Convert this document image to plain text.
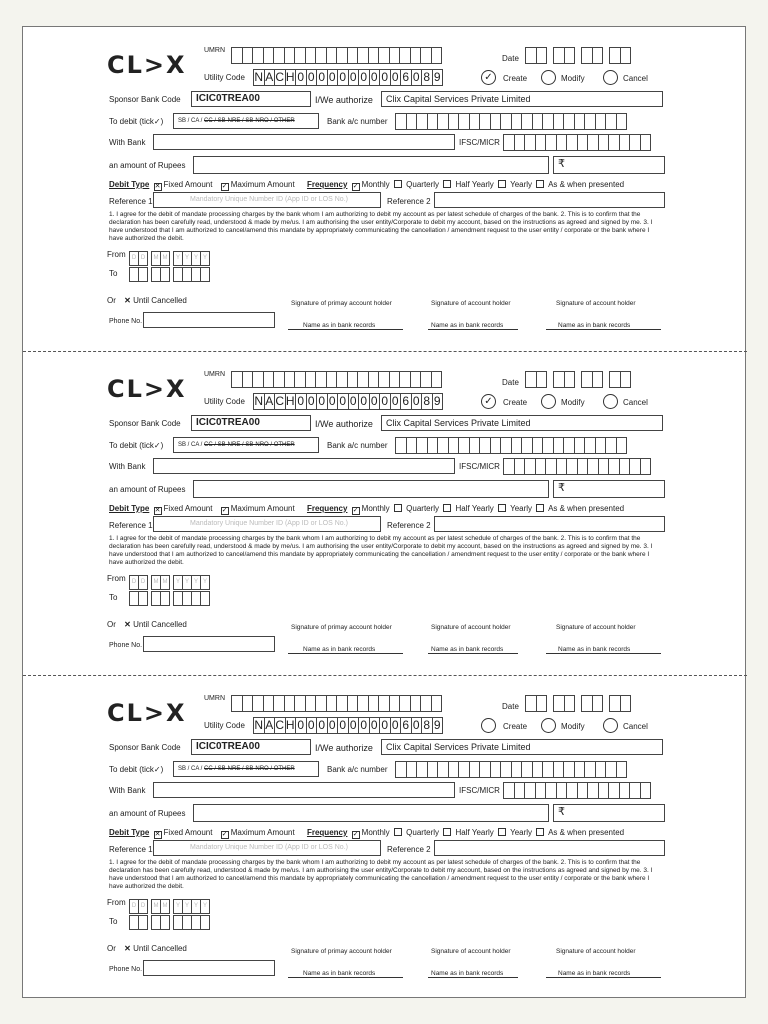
CL>X
UMRN
Date
Utility Code N A C H 0 0 0 0 0 0 0 0 0 0 6 0 8 9	✓	Create	Modify	Cancel
Sponsor Bank Code	ICIC0TREA00	I/We authorize	Clix Capital Services Private Limited
To debit (tick✓)	SB / CA / CC / SB-NRE / SB-NRO / OTHER	Bank a/c number
With Bank	IFSC/MICR
an amount of Rupees	₹
Debit Type ✕ Fixed Amount ✓ Maximum Amount Frequency ✓ Monthly Quarterly Half Yearly Yearly As & when presented
Reference 1	Mandatory Unique Number ID (App ID or LOS No.)	Reference 2
1. I agree for the debit of mandate processing charges by the bank whom I am authorizing to debit my account as per latest schedule of charges of the bank. 2. This is to confirm that the declaration has been carefully read, understood & made by me/us. I am authorising the user entity/Corporate to debit my account, based on the instructions as agreed and signed by me. 3. I have understood that I am authorized to cancel/amend this mandate by appropriately communicating the cancellation / amendment request to the user entity / corporate or the bank where I have authorized the debit.
From	D D	M M	Y Y Y Y
To
Or ✕ Until Cancelled
Phone No.
Signature of primay account holder	Signature of account holder	Signature of account holder
Name as in bank records	Name as in bank records	Name as in bank records
CL>X
UMRN
Date
Utility Code N A C H 0 0 0 0 0 0 0 0 0 0 6 0 8 9	✓	Create	Modify	Cancel
Sponsor Bank Code	ICIC0TREA00	I/We authorize	Clix Capital Services Private Limited
To debit (tick✓)	SB / CA / CC / SB-NRE / SB-NRO / OTHER	Bank a/c number
With Bank	IFSC/MICR
an amount of Rupees	₹
Debit Type ✕ Fixed Amount ✓ Maximum Amount Frequency ✓ Monthly Quarterly Half Yearly Yearly As & when presented
Reference 1	Mandatory Unique Number ID (App ID or LOS No.)	Reference 2
1. I agree for the debit of mandate processing charges by the bank whom I am authorizing to debit my account as per latest schedule of charges of the bank. 2. This is to confirm that the declaration has been carefully read, understood & made by me/us. I am authorising the user entity/Corporate to debit my account, based on the instructions as agreed and signed by me. 3. I have understood that I am authorized to cancel/amend this mandate by appropriately communicating the cancellation / amendment request to the user entity / corporate or the bank where I have authorized the debit.
From	D D	M M	Y Y Y Y
To
Or ✕ Until Cancelled
Phone No.
Signature of primay account holder	Signature of account holder	Signature of account holder
Name as in bank records	Name as in bank records	Name as in bank records
CL>X
UMRN
Date
Utility Code N A C H 0 0 0 0 0 0 0 0 0 0 6 0 8 9	Create	Modify	Cancel
Sponsor Bank Code	ICIC0TREA00	I/We authorize	Clix Capital Services Private Limited
To debit (tick✓)	SB / CA / CC / SB-NRE / SB-NRO / OTHER	Bank a/c number
With Bank	IFSC/MICR
an amount of Rupees	₹
Debit Type ✕ Fixed Amount ✓ Maximum Amount Frequency ✓ Monthly Quarterly Half Yearly Yearly As & when presented
Reference 1	Mandatory Unique Number ID (App ID or LOS No.)	Reference 2
1. I agree for the debit of mandate processing charges by the bank whom I am authorizing to debit my account as per latest schedule of charges of the bank. 2. This is to confirm that the declaration has been carefully read, understood & made by me/us. I am authorising the user entity/Corporate to debit my account, based on the instructions as agreed and signed by me. 3. I have understood that I am authorized to cancel/amend this mandate by appropriately communicating the cancellation / amendment request to the user entity / corporate or the bank where I have authorized the debit.
From	D D	M M	Y Y Y Y
To
Or ✕ Until Cancelled
Phone No.
Signature of primay account holder	Signature of account holder	Signature of account holder
Name as in bank records	Name as in bank records	Name as in bank records
